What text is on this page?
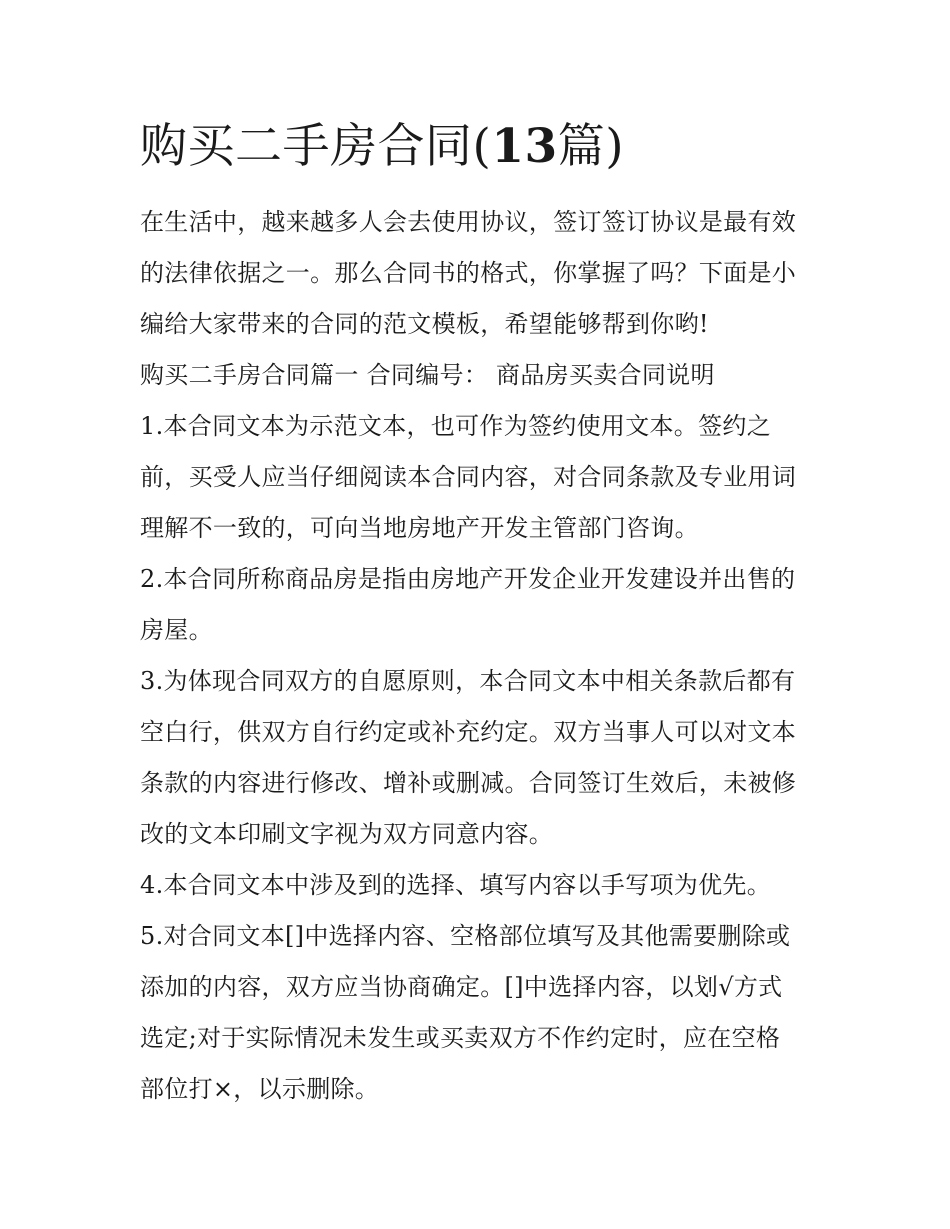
购买二手房合同(13篇)
在生活中，越来越多人会去使用协议，签订签订协议是最有效
的法律依据之一。那么合同书的格式，你掌握了吗？下面是小
编给大家带来的合同的范文模板，希望能够帮到你哟!
购买二手房合同篇一 合同编号： 商品房买卖合同说明
1.本合同文本为示范文本，也可作为签约使用文本。签约之
前，买受人应当仔细阅读本合同内容，对合同条款及专业用词
理解不一致的，可向当地房地产开发主管部门咨询。
2.本合同所称商品房是指由房地产开发企业开发建设并出售的
房屋。
3.为体现合同双方的自愿原则，本合同文本中相关条款后都有
空白行，供双方自行约定或补充约定。双方当事人可以对文本
条款的内容进行修改、增补或删减。合同签订生效后，未被修
改的文本印刷文字视为双方同意内容。
4.本合同文本中涉及到的选择、填写内容以手写项为优先。
5.对合同文本[]中选择内容、空格部位填写及其他需要删除或
添加的内容，双方应当协商确定。[]中选择内容，以划√方式
选定;对于实际情况未发生或买卖双方不作约定时，应在空格
部位打×，以示删除。
